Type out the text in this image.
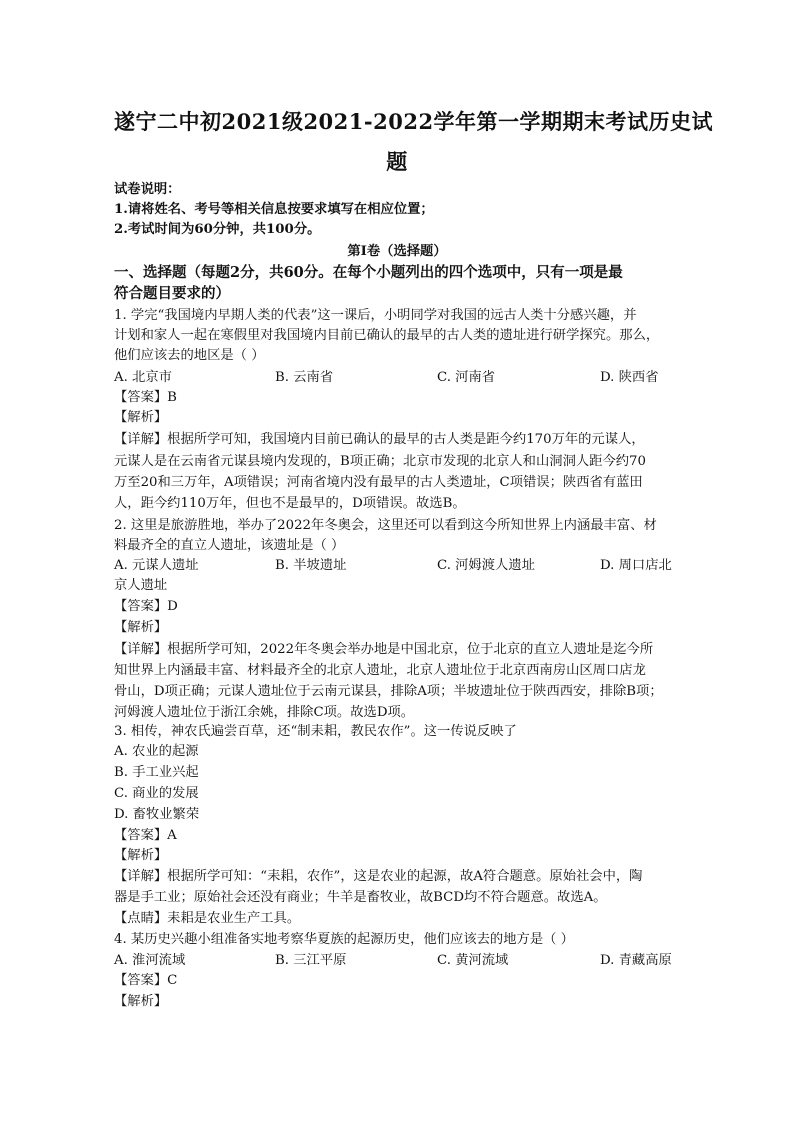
遂宁二中初2021级2021-2022学年第一学期期末考试历史试
题
试卷说明：
1.请将姓名、考号等相关信息按要求填写在相应位置；
2.考试时间为60分钟，共100分。
第Ⅰ卷（选择题）
一、选择题（每题2分，共60分。在每个小题列出的四个选项中，只有一项是最
符合题目要求的）
1. 学完“我国境内早期人类的代表”这一课后，小明同学对我国的远古人类十分感兴趣，并
计划和家人一起在寒假里对我国境内目前已确认的最早的古人类的遗址进行研学探究。那么，
他们应该去的地区是（ ）
A. 北京市	B. 云南省	C. 河南省	D. 陕西省
【答案】B
【解析】
【详解】根据所学可知，我国境内目前已确认的最早的古人类是距今约170万年的元谋人，
元谋人是在云南省元谋县境内发现的，B项正确；北京市发现的北京人和山洞洞人距今约70
万至20和三万年，A项错误；河南省境内没有最早的古人类遗址，C项错误；陕西省有蓝田
人，距今约110万年，但也不是最早的，D项错误。故选B。
2. 这里是旅游胜地，举办了2022年冬奥会，这里还可以看到这今所知世界上内涵最丰富、材
料最齐全的直立人遗址，该遗址是（ ）
A. 元谋人遗址	B. 半坡遗址	C. 河姆渡人遗址	D. 周口店北
京人遗址
【答案】D
【解析】
【详解】根据所学可知，2022年冬奥会举办地是中国北京，位于北京的直立人遗址是迄今所
知世界上内涵最丰富、材料最齐全的北京人遗址，北京人遗址位于北京西南房山区周口店龙
骨山，D项正确；元谋人遗址位于云南元谋县，排除A项；半坡遗址位于陕西西安，排除B项；
河姆渡人遗址位于浙江余姚，排除C项。故选D项。
3. 相传，神农氏遍尝百草，还“制耒耜，教民农作”。这一传说反映了
A. 农业的起源
B. 手工业兴起
C. 商业的发展
D. 畜牧业繁荣
【答案】A
【解析】
【详解】根据所学可知：“耒耜，农作”，这是农业的起源，故A符合题意。原始社会中，陶
器是手工业；原始社会还没有商业；牛羊是畜牧业，故BCD均不符合题意。故选A。
【点睛】耒耜是农业生产工具。
4. 某历史兴趣小组准备实地考察华夏族的起源历史，他们应该去的地方是（ ）
A. 淮河流域	B. 三江平原	C. 黄河流域	D. 青藏高原
【答案】C
【解析】
